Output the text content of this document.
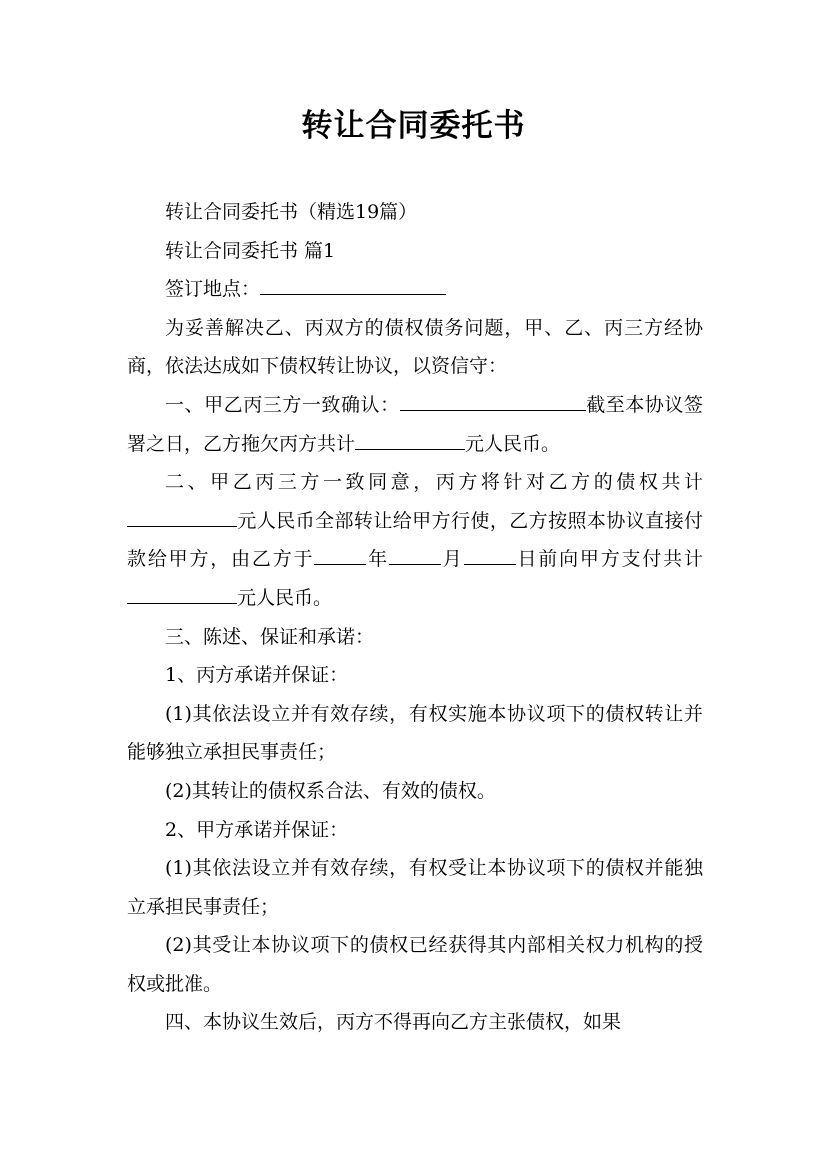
转让合同委托书

转让合同委托书（精选19篇）

转让合同委托书 篇1

签订地点：

为妥善解决乙、丙双方的债权债务问题，甲、乙、丙三方经协商，依法达成如下债权转让协议，以资信守：

一、甲乙丙三方一致确认：	截至本协议签署之日，乙方拖欠丙方共计	元人民币。

二、甲乙丙三方一致同意，丙方将针对乙方的债权共计元人民币全部转让给甲方行使，乙方按照本协议直接付款给甲方，由乙方于	年	月	日前向甲方支付共计元人民币。

三、陈述、保证和承诺：

1、丙方承诺并保证：

(1)其依法设立并有效存续，有权实施本协议项下的债权转让并能够独立承担民事责任；

(2)其转让的债权系合法、有效的债权。

2、甲方承诺并保证：

(1)其依法设立并有效存续，有权受让本协议项下的债权并能独立承担民事责任；

(2)其受让本协议项下的债权已经获得其内部相关权力机构的授权或批准。

四、本协议生效后，丙方不得再向乙方主张债权，如果
